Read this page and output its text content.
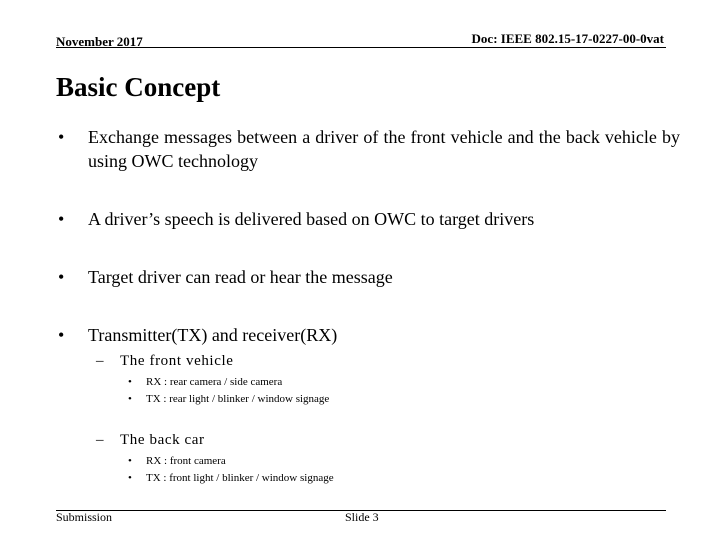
November 2017	Doc: IEEE 802.15-17-0227-00-0vat
Basic Concept
• Exchange messages between a driver of the front vehicle and the back vehicle by using OWC technology
• A driver’s speech is delivered based on OWC to target drivers
• Target driver can read or hear the message
• Transmitter(TX) and receiver(RX)
– The front vehicle
• RX : rear camera / side camera
• TX : rear light / blinker / window signage
– The back car
• RX : front camera
• TX : front light / blinker / window signage
Submission	Slide 3
